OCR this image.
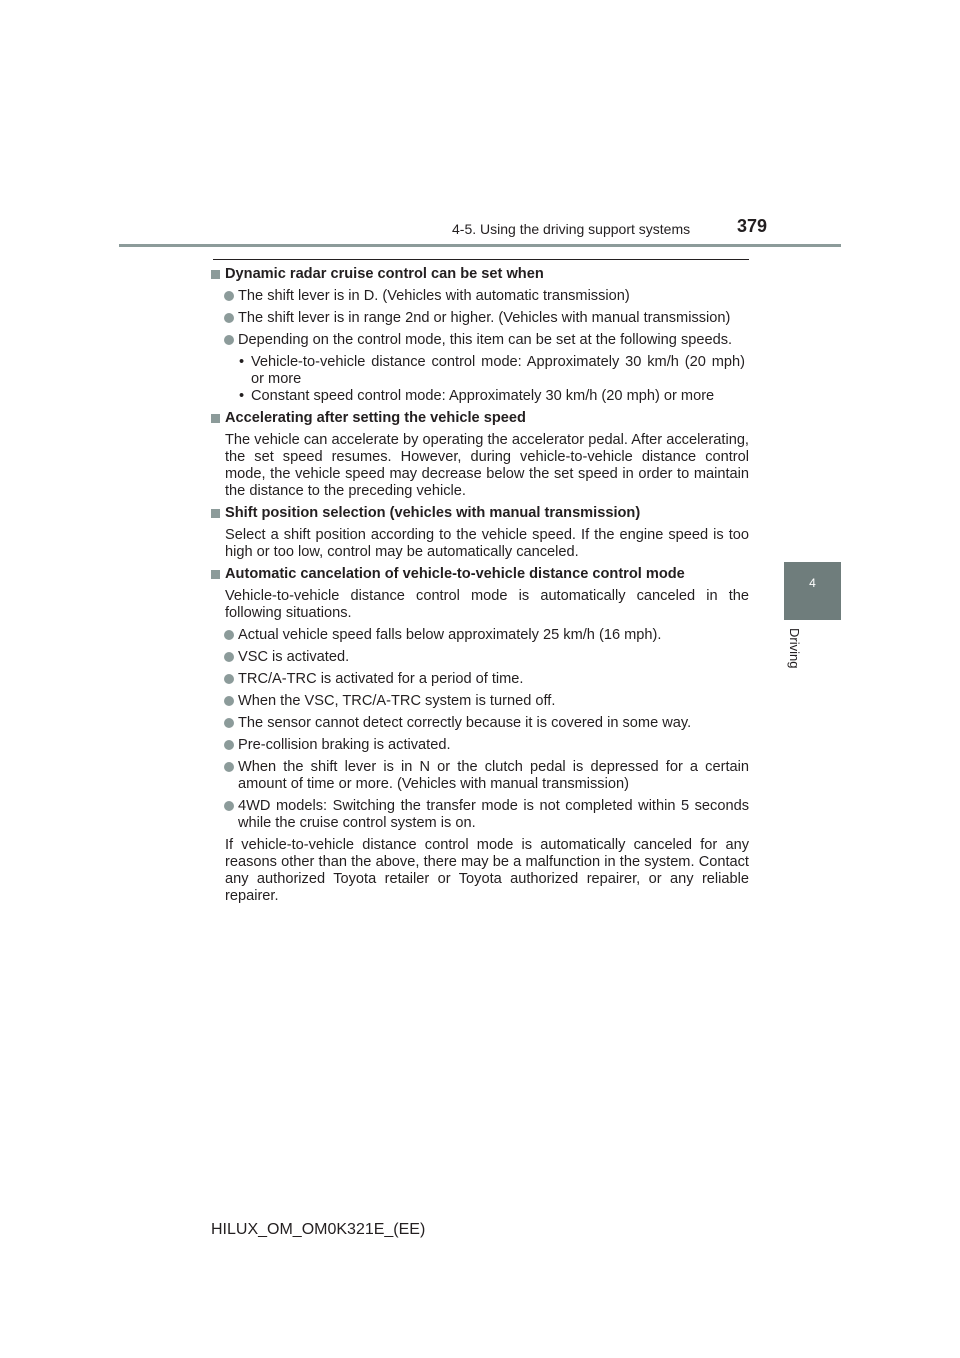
4-5. Using the driving support systems	379
4
Driving

Dynamic radar cruise control can be set when

The shift lever is in D. (Vehicles with automatic transmission)

The shift lever is in range 2nd or higher. (Vehicles with manual transmission)

Depending on the control mode, this item can be set at the following speeds.

• Vehicle-to-vehicle distance control mode: Approximately 30 km/h (20 mph) or more

• Constant speed control mode: Approximately 30 km/h (20 mph) or more

Accelerating after setting the vehicle speed

The vehicle can accelerate by operating the accelerator pedal. After accelerating, the set speed resumes. However, during vehicle-to-vehicle distance control mode, the vehicle speed may decrease below the set speed in order to maintain the distance to the preceding vehicle.

Shift position selection (vehicles with manual transmission)

Select a shift position according to the vehicle speed. If the engine speed is too high or too low, control may be automatically canceled.

Automatic cancelation of vehicle-to-vehicle distance control mode

Vehicle-to-vehicle distance control mode is automatically canceled in the following situations.

Actual vehicle speed falls below approximately 25 km/h (16 mph).

VSC is activated.

TRC/A-TRC is activated for a period of time.

When the VSC, TRC/A-TRC system is turned off.

The sensor cannot detect correctly because it is covered in some way.

Pre-collision braking is activated.

When the shift lever is in N or the clutch pedal is depressed for a certain amount of time or more. (Vehicles with manual transmission)

4WD models: Switching the transfer mode is not completed within 5 seconds while the cruise control system is on.

If vehicle-to-vehicle distance control mode is automatically canceled for any reasons other than the above, there may be a malfunction in the system. Contact any authorized Toyota retailer or Toyota authorized repairer, or any reliable repairer.

HILUX_OM_OM0K321E_(EE)
